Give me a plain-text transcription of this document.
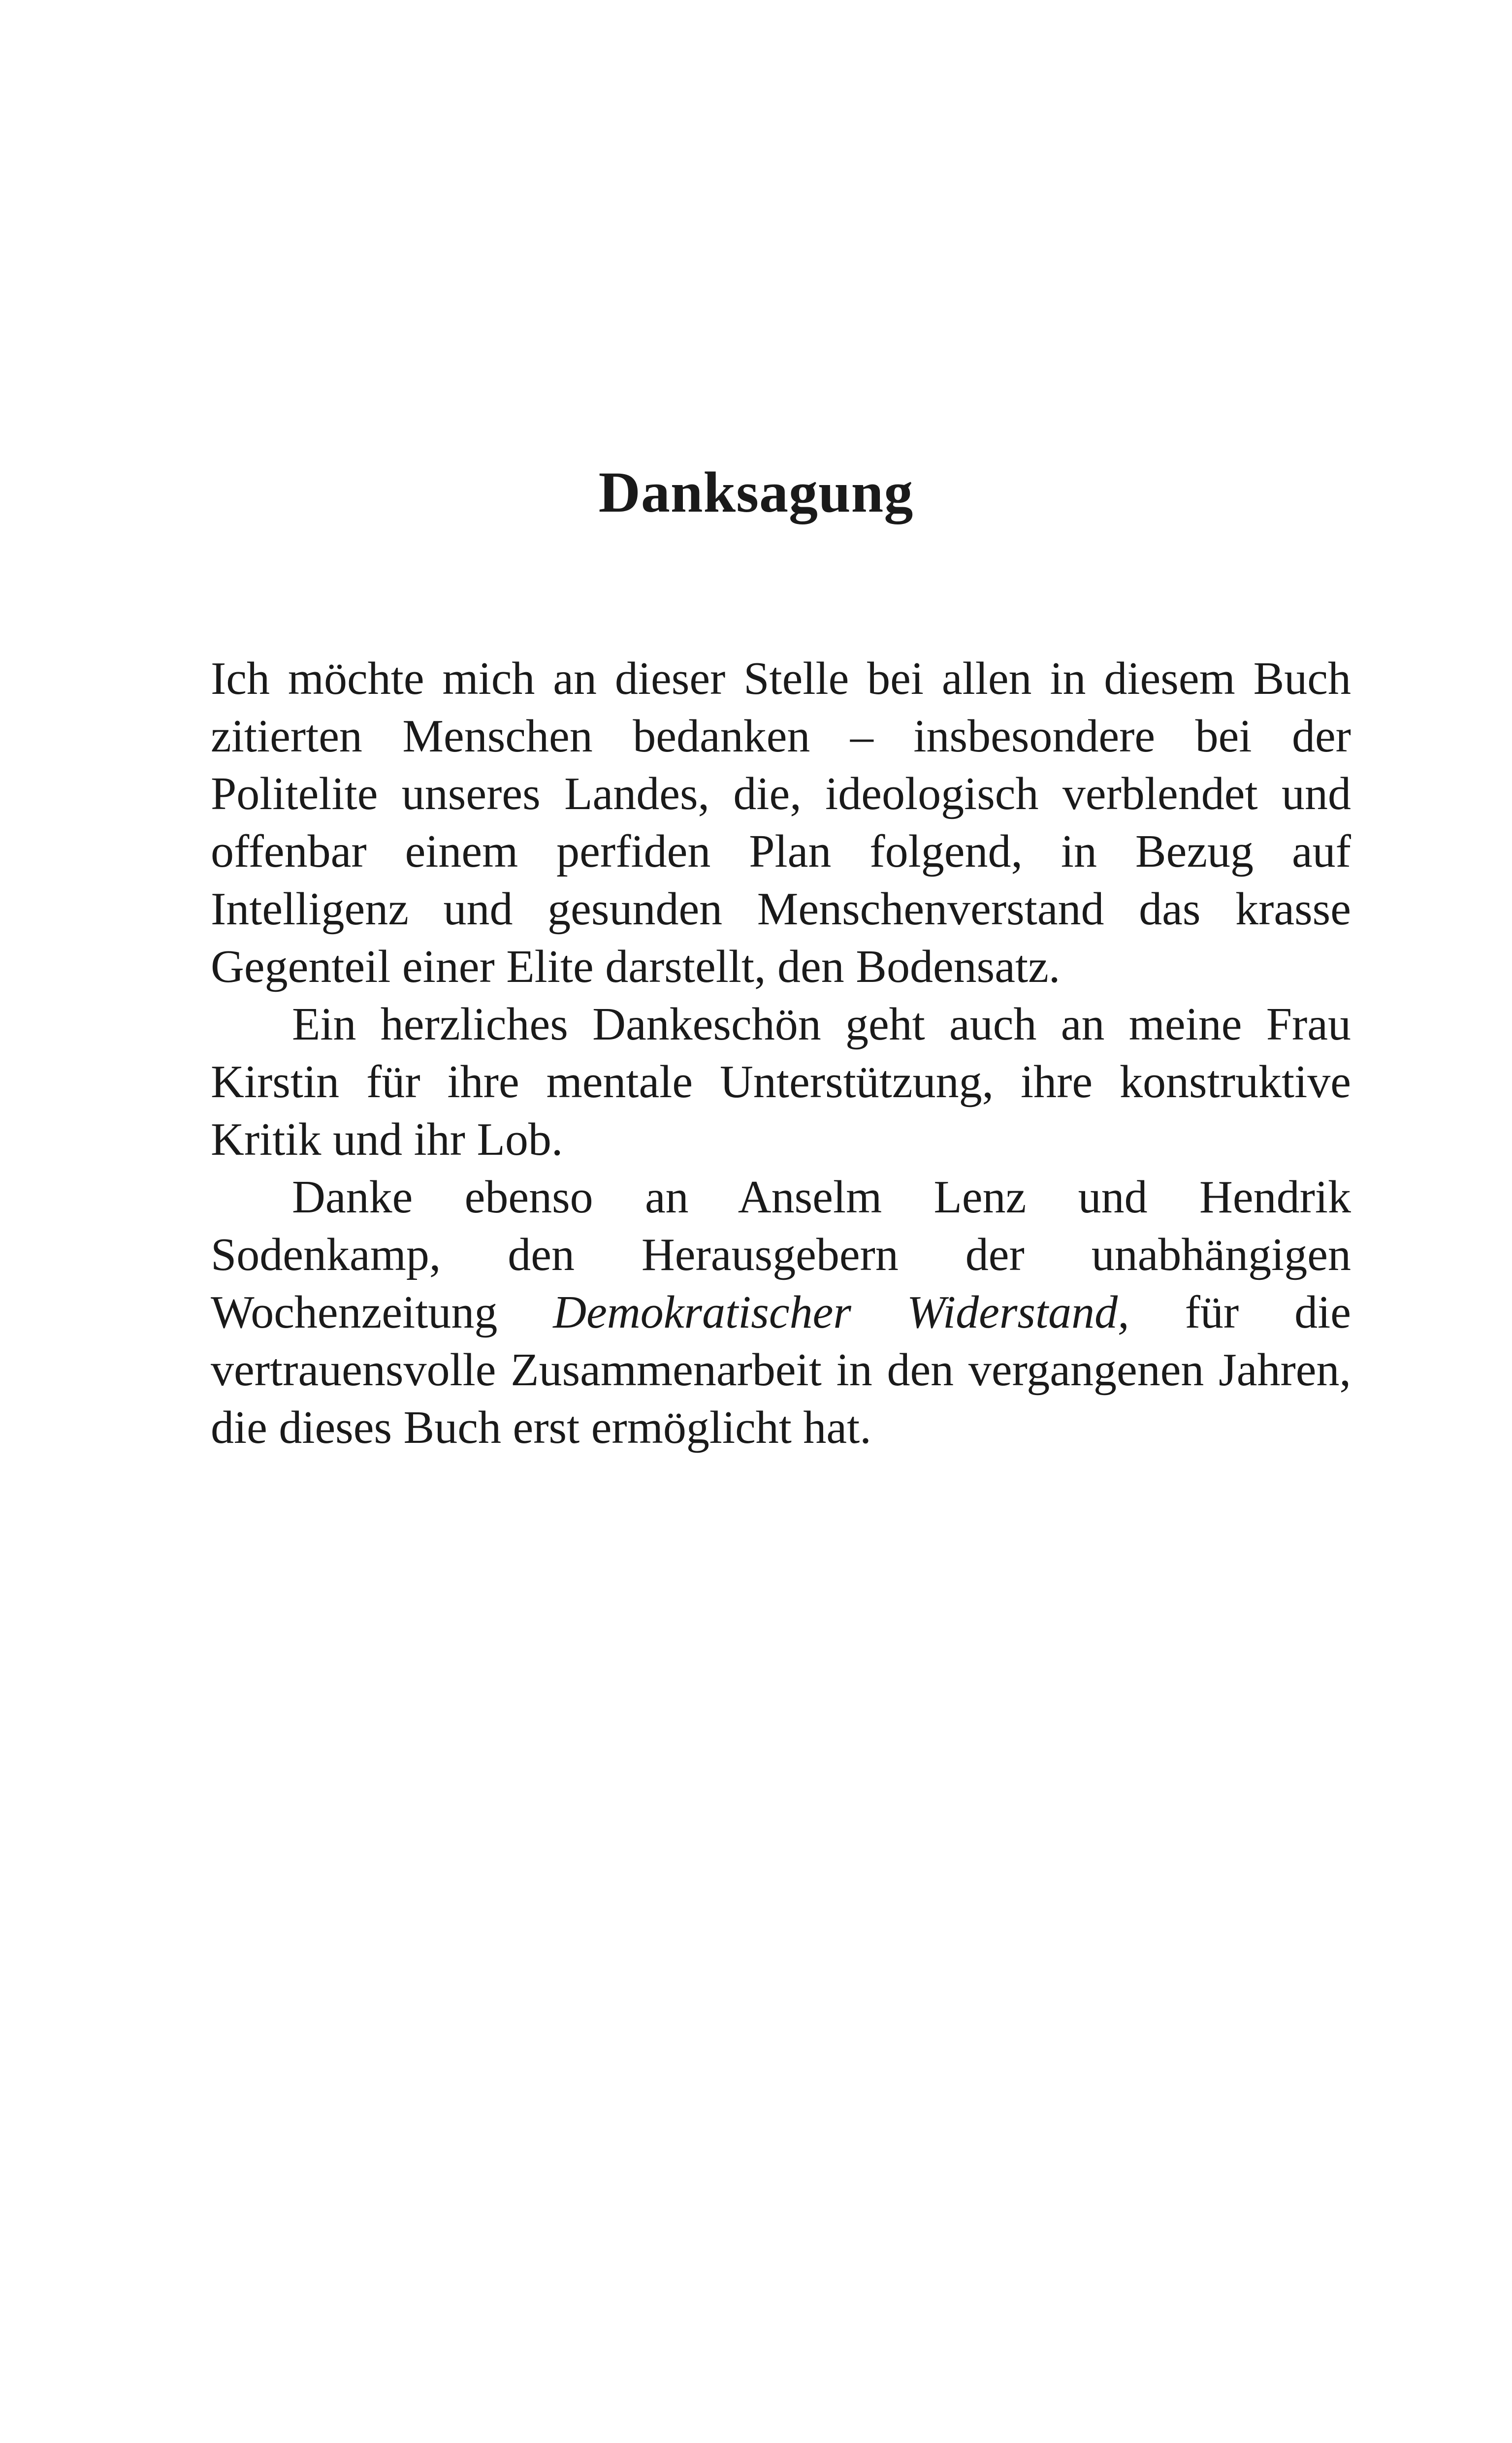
Danksagung

Ich möchte mich an dieser Stelle bei allen in diesem Buch zitierten Menschen bedanken – insbesondere bei der Politelite unseres Landes, die, ideologisch verblendet und offenbar einem perfiden Plan folgend, in Bezug auf Intelligenz und gesunden Menschenverstand das krasse Gegenteil einer Elite darstellt, den Bodensatz.

Ein herzliches Dankeschön geht auch an meine Frau Kirstin für ihre mentale Unterstützung, ihre konstruktive Kritik und ihr Lob.

Danke ebenso an Anselm Lenz und Hendrik Sodenkamp, den Herausgebern der unabhängigen Wochenzeitung Demokratischer Widerstand, für die vertrauensvolle Zusammenarbeit in den vergangenen Jahren, die dieses Buch erst ermöglicht hat.
